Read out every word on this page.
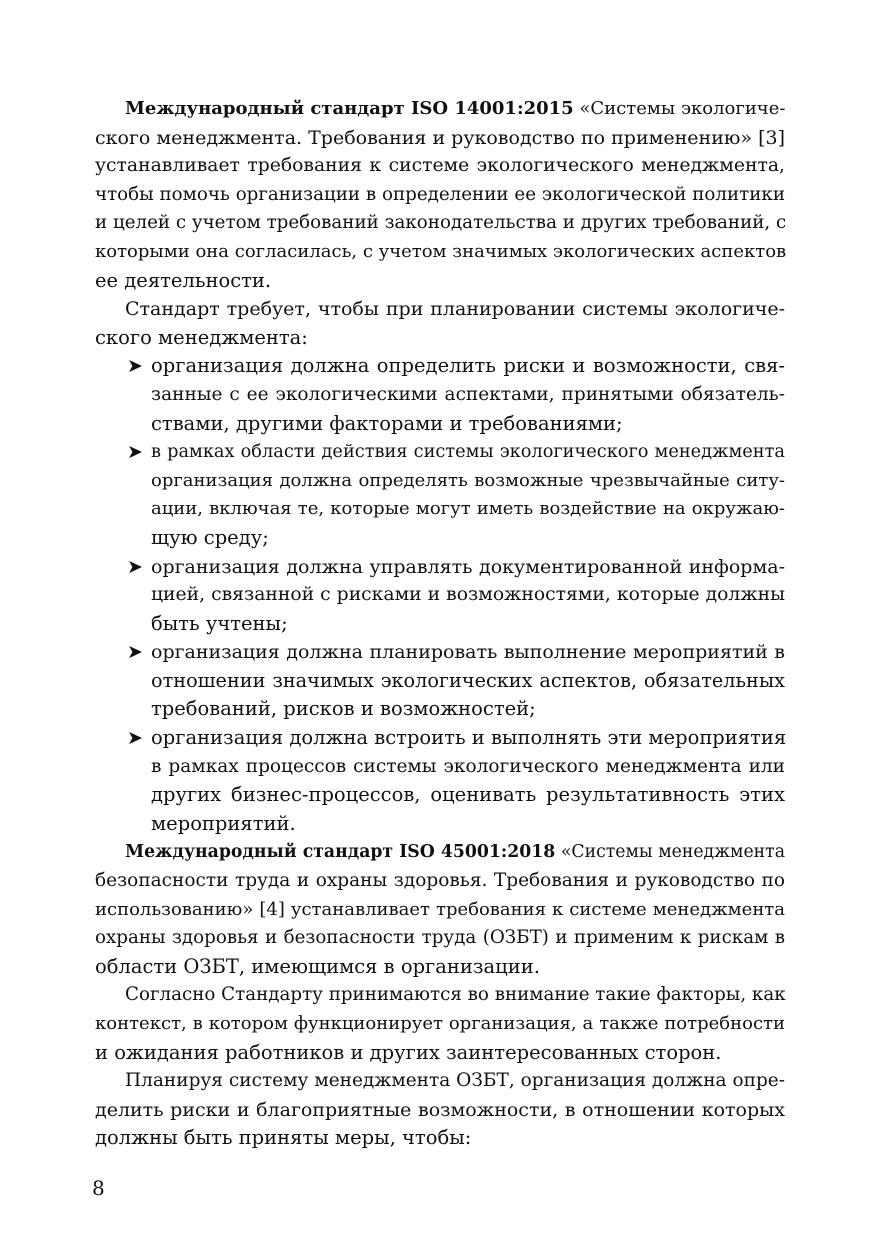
Международный стандарт ISO 14001:2015 «Системы экологиче-
ского менеджмента. Требования и руководство по применению» [3]
устанавливает требования к системе экологического менеджмента,
чтобы помочь организации в определении ее экологической политики
и целей с учетом требований законодательства и других требований, с
которыми она согласилась, с учетом значимых экологических аспектов
ее деятельности.
Стандарт требует, чтобы при планировании системы экологиче-
ского менеджмента:
➤ организация должна определить риски и возможности, свя-
занные с ее экологическими аспектами, принятыми обязатель-
ствами, другими факторами и требованиями;
➤ в рамках области действия системы экологического менеджмента
организация должна определять возможные чрезвычайные ситу-
ации, включая те, которые могут иметь воздействие на окружаю-
щую среду;
➤ организация должна управлять документированной информа-
цией, связанной с рисками и возможностями, которые должны
быть учтены;
➤ организация должна планировать выполнение мероприятий в
отношении значимых экологических аспектов, обязательных
требований, рисков и возможностей;
➤ организация должна встроить и выполнять эти мероприятия
в рамках процессов системы экологического менеджмента или
других бизнес-процессов, оценивать результативность этих
мероприятий.
Международный стандарт ISO 45001:2018 «Системы менеджмента
безопасности труда и охраны здоровья. Требования и руководство по
использованию» [4] устанавливает требования к системе менеджмента
охраны здоровья и безопасности труда (ОЗБТ) и применим к рискам в
области ОЗБТ, имеющимся в организации.
Согласно Стандарту принимаются во внимание такие факторы, как
контекст, в котором функционирует организация, а также потребности
и ожидания работников и других заинтересованных сторон.
Планируя систему менеджмента ОЗБТ, организация должна опре-
делить риски и благоприятные возможности, в отношении которых
должны быть приняты меры, чтобы:
8
